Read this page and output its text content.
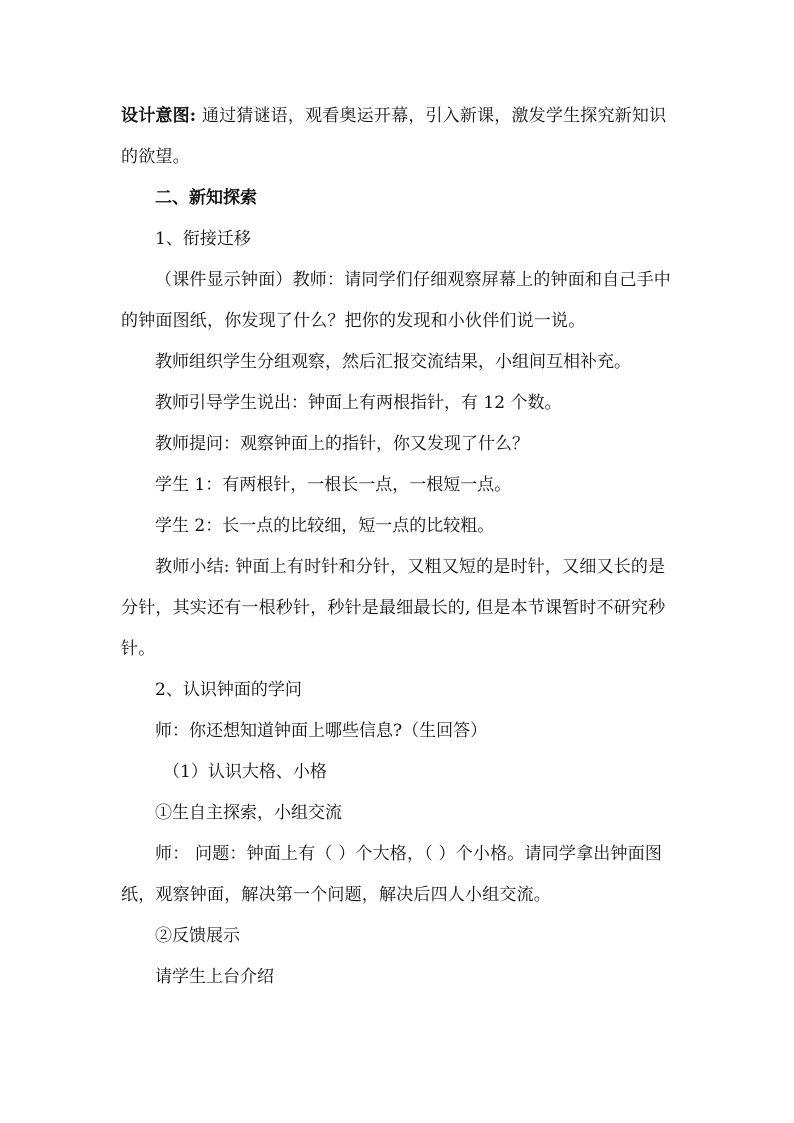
设计意图: 通过猜谜语，观看奥运开幕，引入新课，激发学生探究新知识的欲望。
二、新知探索
1、衔接迁移
（课件显示钟面）教师：请同学们仔细观察屏幕上的钟面和自己手中的钟面图纸，你发现了什么？把你的发现和小伙伴们说一说。
教师组织学生分组观察，然后汇报交流结果，小组间互相补充。
教师引导学生说出：钟面上有两根指针，有 12 个数。
教师提问：观察钟面上的指针，你又发现了什么？
学生 1：有两根针，一根长一点，一根短一点。
学生 2：长一点的比较细，短一点的比较粗。
教师小结: 钟面上有时针和分针，又粗又短的是时针，又细又长的是分针，其实还有一根秒针，秒针是最细最长的, 但是本节课暂时不研究秒针。
2、认识钟面的学问
师：你还想知道钟面上哪些信息?（生回答）
（1）认识大格、小格
①生自主探索，小组交流
师： 问题：钟面上有（ ）个大格，（ ）个小格。请同学拿出钟面图纸，观察钟面，解决第一个问题，解决后四人小组交流。
②反馈展示
请学生上台介绍
